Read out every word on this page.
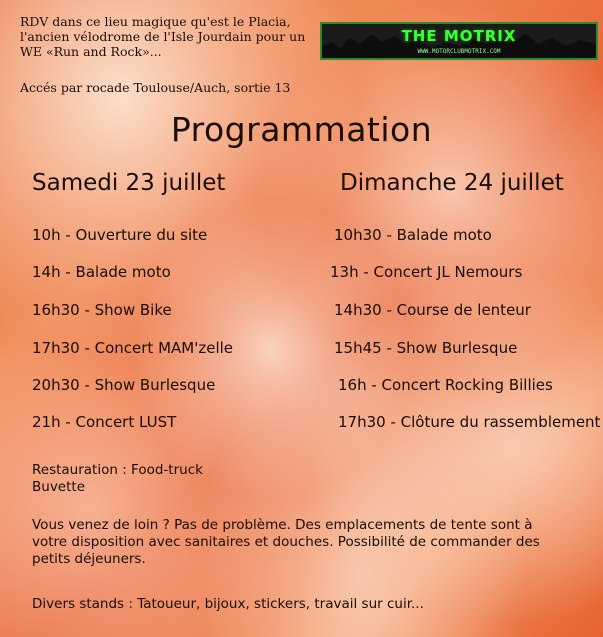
RDV dans ce lieu magique qu'est le Placia, l'ancien vélodrome de l'Isle Jourdain pour un WE «Run and Rock»...
Accés par rocade Toulouse/Auch, sortie 13
THE MOTRIX
WWW.MOTORCLUBMOTRIX.COM
Programmation
Samedi 23 juillet	Dimanche 24 juillet
10h - Ouverture du site
14h - Balade moto
16h30 - Show Bike
17h30 - Concert MAM'zelle
20h30 - Show Burlesque
21h - Concert LUST
10h30 - Balade moto
13h - Concert JL Nemours
14h30 - Course de lenteur
15h45 - Show Burlesque
16h - Concert Rocking Billies
17h30 - Clôture du rassemblement
Restauration : Food-truck
Buvette
Vous venez de loin ? Pas de problème. Des emplacements de tente sont à votre disposition avec sanitaires et douches. Possibilité de commander des petits déjeuners.
Divers stands : Tatoueur, bijoux, stickers, travail sur cuir...
